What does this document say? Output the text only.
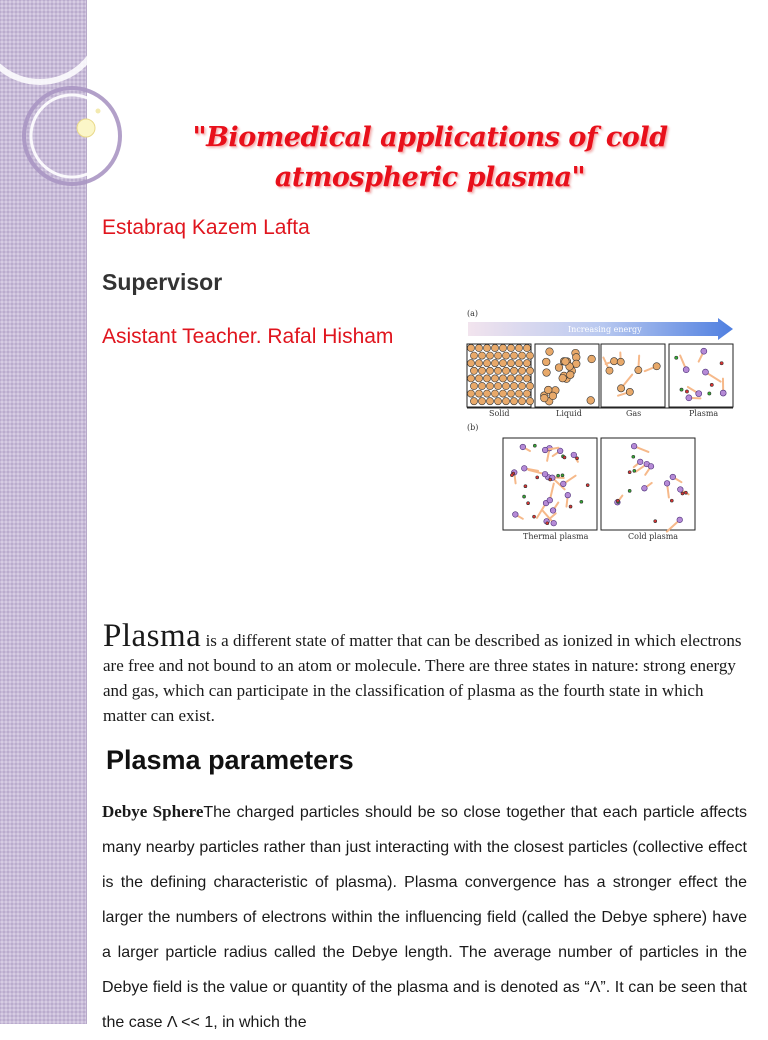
"Biomedical applications of cold atmospheric plasma"
Estabraq Kazem Lafta
Supervisor
Asistant Teacher. Rafal Hisham
(a)
Increasing energy
Solid	Liquid	Gas	Plasma
(b)
Thermal plasma	Cold plasma
Plasma is a different state of matter that can be described as ionized in which electrons are free and not bound to an atom or molecule. There are three states in nature: strong energy and gas, which can participate in the classification of plasma as the fourth state in which matter can exist.
Plasma parameters
Debye SphereThe charged particles should be so close together that each particle affects many nearby particles rather than just interacting with the closest particles (collective effect is the defining characteristic of plasma). Plasma convergence has a stronger effect the larger the numbers of electrons within the influencing field (called the Debye sphere) have a larger particle radius called the Debye length. The average number of particles in the Debye field is the value or quantity of the plasma and is denoted as “Λ”. It can be seen that the case Λ << 1, in which the
